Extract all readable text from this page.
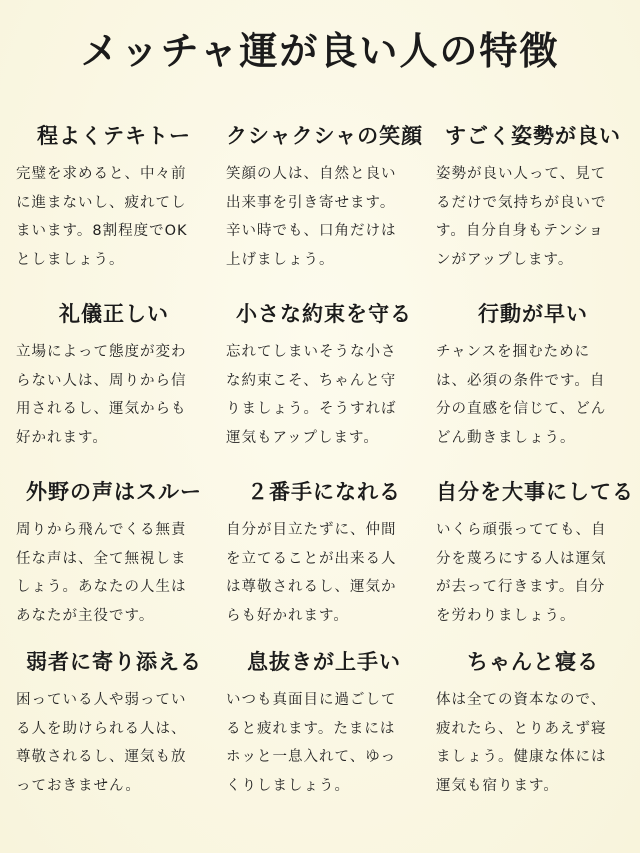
メッチャ運が良い人の特徴
程よくテキトー
完璧を求めると、中々前
に進まないし、疲れてし
まいます。8割程度でOK
としましょう。
クシャクシャの笑顔
笑顔の人は、自然と良い
出来事を引き寄せます。
辛い時でも、口角だけは
上げましょう。
すごく姿勢が良い
姿勢が良い人って、見て
るだけで気持ちが良いで
す。自分自身もテンショ
ンがアップします。
礼儀正しい
立場によって態度が変わ
らない人は、周りから信
用されるし、運気からも
好かれます。
小さな約束を守る
忘れてしまいそうな小さ
な約束こそ、ちゃんと守
りましょう。そうすれば
運気もアップします。
行動が早い
チャンスを掴むために
は、必須の条件です。自
分の直感を信じて、どん
どん動きましょう。
外野の声はスルー
周りから飛んでくる無責
任な声は、全て無視しま
しょう。あなたの人生は
あなたが主役です。
２番手になれる
自分が目立たずに、仲間
を立てることが出来る人
は尊敬されるし、運気か
らも好かれます。
自分を大事にしてる
いくら頑張ってても、自
分を蔑ろにする人は運気
が去って行きます。自分
を労わりましょう。
弱者に寄り添える
困っている人や弱ってい
る人を助けられる人は、
尊敬されるし、運気も放
っておきません。
息抜きが上手い
いつも真面目に過ごして
ると疲れます。たまには
ホッと一息入れて、ゆっ
くりしましょう。
ちゃんと寝る
体は全ての資本なので、
疲れたら、とりあえず寝
ましょう。健康な体には
運気も宿ります。
